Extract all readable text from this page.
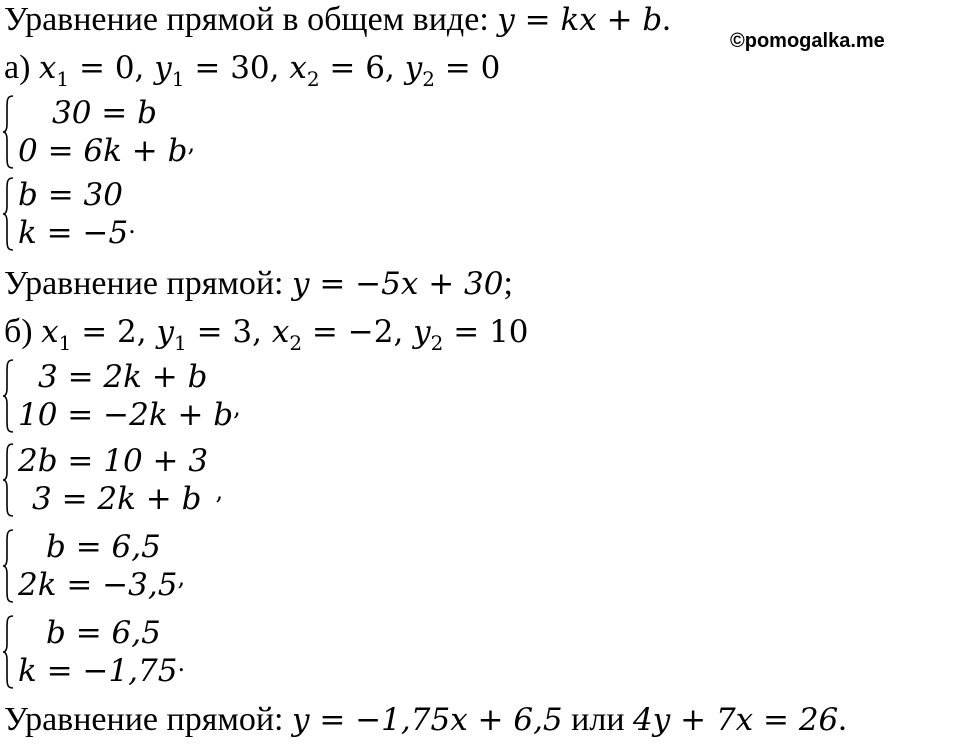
©pomogalka.me
Уравнение прямой в общем виде: y = kx + b.
а) $x_1 = 0$, $y_1 = 30$, $x_2 = 6$, $y_2 = 0$
30 = b
0 = 6k + b,
b = 30
k = −5.
Уравнение прямой: y = −5x + 30;
б) $x_1 = 2$, $y_1 = 3$, $x_2 = -2$, $y_2 = 10$
3 = 2k + b
10 = −2k + b,
2b = 10 + 3
3 = 2k + b ,
b = 6,5
2k = −3,5,
b = 6,5
k = −1,75.
Уравнение прямой: y = −1,75x + 6,5 или 4y + 7x = 26.
